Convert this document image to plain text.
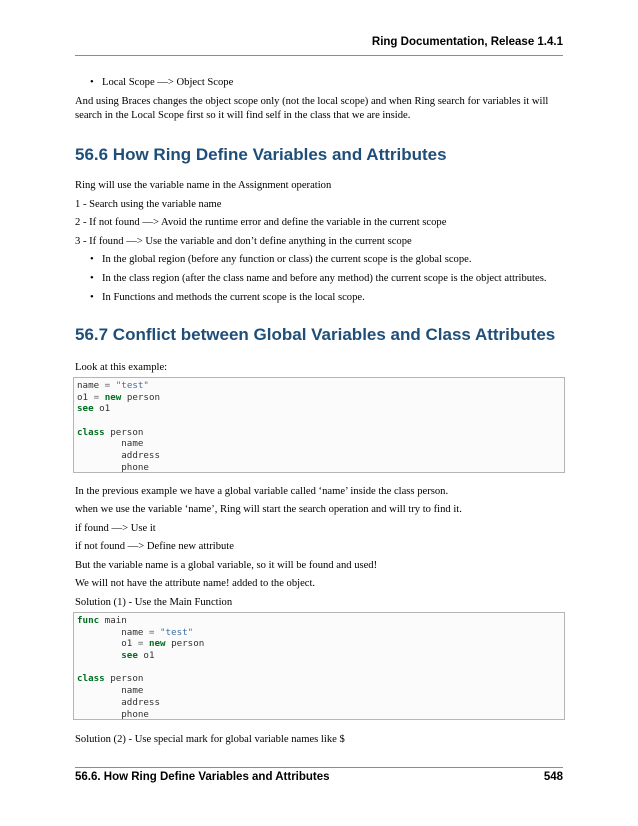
Ring Documentation, Release 1.4.1
• Local Scope —> Object Scope
And using Braces changes the object scope only (not the local scope) and when Ring search for variables it will search in the Local Scope first so it will find self in the class that we are inside.
56.6 How Ring Define Variables and Attributes
Ring will use the variable name in the Assignment operation
1 - Search using the variable name
2 - If not found —> Avoid the runtime error and define the variable in the current scope
3 - If found —> Use the variable and don’t define anything in the current scope
• In the global region (before any function or class) the current scope is the global scope.
• In the class region (after the class name and before any method) the current scope is the object attributes.
• In Functions and methods the current scope is the local scope.
56.7 Conflict between Global Variables and Class Attributes
Look at this example:
name = "test"
o1 = new person
see o1

class person
name
address
phone
In the previous example we have a global variable called ‘name’ inside the class person.
when we use the variable ‘name’, Ring will start the search operation and will try to find it.
if found —> Use it
if not found —> Define new attribute
But the variable name is a global variable, so it will be found and used!
We will not have the attribute name! added to the object.
Solution (1) - Use the Main Function
func main
name = "test"
o1 = new person
see o1

class person
name
address
phone
Solution (2) - Use special mark for global variable names like $
56.6. How Ring Define Variables and Attributes	548
